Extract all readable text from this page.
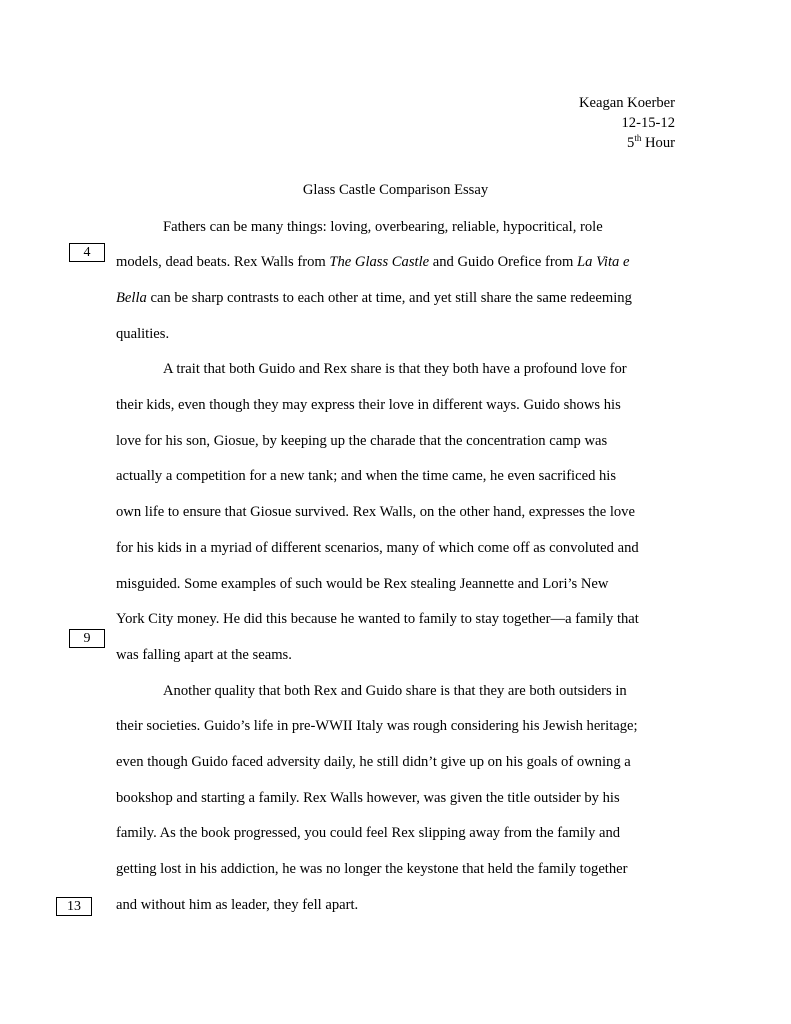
Keagan Koerber
12-15-12
5th Hour
Glass Castle Comparison Essay
4
9
13
Fathers can be many things: loving, overbearing, reliable, hypocritical, role
models, dead beats. Rex Walls from The Glass Castle and Guido Orefice from La Vita e
Bella can be sharp contrasts to each other at time, and yet still share the same redeeming
qualities.
A trait that both Guido and Rex share is that they both have a profound love for
their kids, even though they may express their love in different ways. Guido shows his
love for his son, Giosue, by keeping up the charade that the concentration camp was
actually a competition for a new tank; and when the time came, he even sacrificed his
own life to ensure that Giosue survived. Rex Walls, on the other hand, expresses the love
for his kids in a myriad of different scenarios, many of which come off as convoluted and
misguided. Some examples of such would be Rex stealing Jeannette and Lori’s New
York City money. He did this because he wanted to family to stay together—a family that
was falling apart at the seams.
Another quality that both Rex and Guido share is that they are both outsiders in
their societies. Guido’s life in pre-WWII Italy was rough considering his Jewish heritage;
even though Guido faced adversity daily, he still didn’t give up on his goals of owning a
bookshop and starting a family. Rex Walls however, was given the title outsider by his
family. As the book progressed, you could feel Rex slipping away from the family and
getting lost in his addiction, he was no longer the keystone that held the family together
and without him as leader, they fell apart.
